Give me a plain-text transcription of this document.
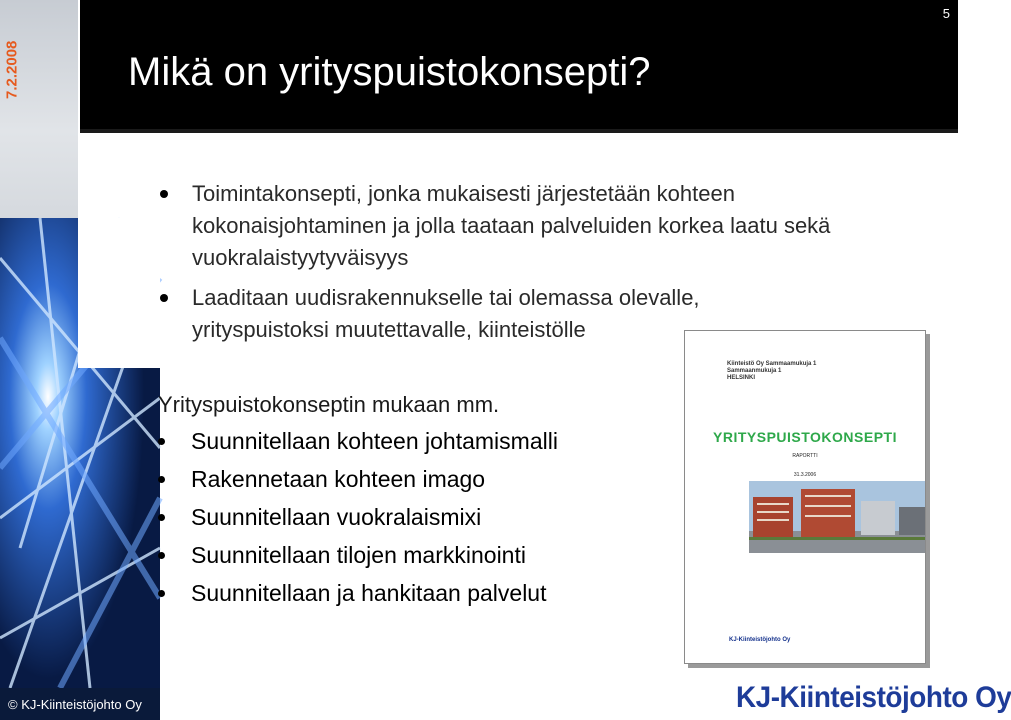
7.2.2008	Mikä on yrityspuistokonsepti?
5
Toimintakonsepti, jonka mukaisesti järjestetään kohteen kokonaisjohtaminen ja jolla taataan palveluiden korkea laatu sekä vuokralaistyytyväisyys
Laaditaan uudisrakennukselle tai olemassa olevalle, yrityspuistoksi muutettavalle, kiinteistölle
Yrityspuistokonseptin mukaan mm.
Suunnitellaan kohteen johtamismalli
Rakennetaan kohteen imago
Suunnitellaan vuokralaismixi
Suunnitellaan tilojen markkinointi
Suunnitellaan ja hankitaan palvelut
Kiinteistö Oy Sammaamukuja 1
Sammaanmukuja 1
HELSINKI
YRITYSPUISTOKONSEPTI
RAPORTTI
31.3.2006
KJ-Kiinteistöjohto Oy
© KJ-Kiinteistöjohto Oy	KJ-Kiinteistöjohto Oy
